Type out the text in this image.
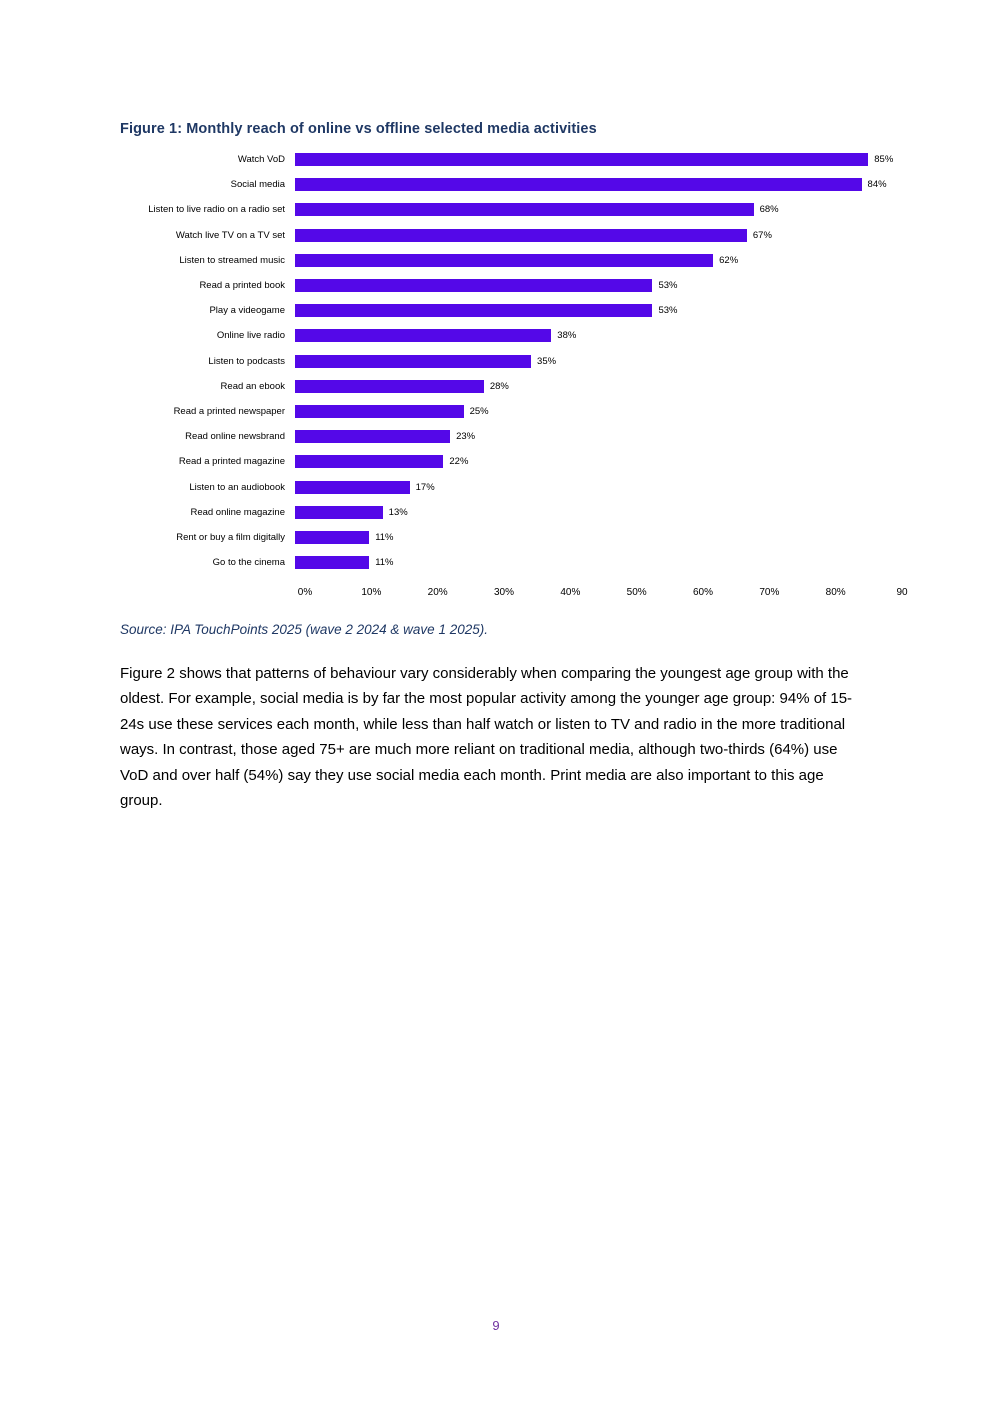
Figure 1: Monthly reach of online vs offline selected media activities
Watch VoD	85%
Social media	84%
Listen to live radio on a radio set	68%
Watch live TV on a TV set	67%
Listen to streamed music	62%
Read a printed book	53%
Play a videogame	53%
Online live radio	38%
Listen to podcasts	35%
Read an ebook	28%
Read a printed newspaper	25%
Read online newsbrand	23%
Read a printed magazine	22%
Listen to an audiobook	17%
Read online magazine	13%
Rent or buy a film digitally	11%
Go to the cinema	11%
0%	10%	20%	30%	40%	50%	60%	70%	80%	90

Source: IPA TouchPoints 2025 (wave 2 2024 & wave 1 2025).

Figure 2 shows that patterns of behaviour vary considerably when comparing the youngest age group with the oldest. For example, social media is by far the most popular activity among the younger age group: 94% of 15-24s use these services each month, while less than half watch or listen to TV and radio in the more traditional ways. In contrast, those aged 75+ are much more reliant on traditional media, although two-thirds (64%) use VoD and over half (54%) say they use social media each month. Print media are also important to this age group.

9
